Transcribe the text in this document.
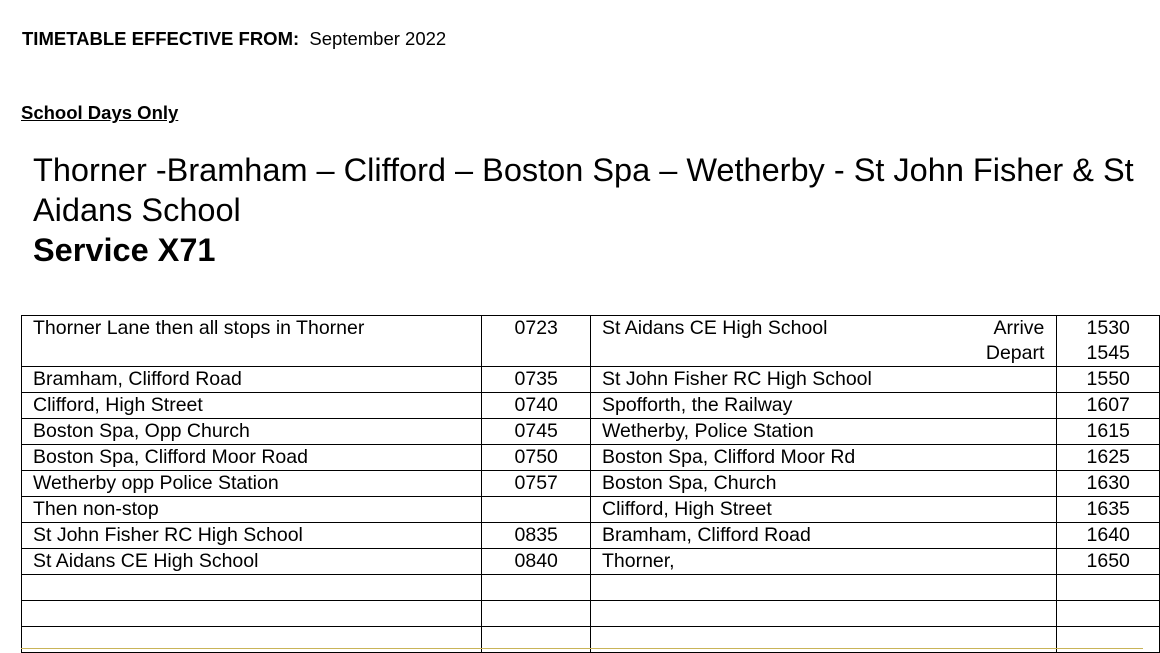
TIMETABLE EFFECTIVE FROM: September 2022
School Days Only
Thorner -Bramham – Clifford – Boston Spa – Wetherby - St John Fisher & St Aidans School
Service X71
Thorner Lane then all stops in Thorner	0723	St Aidans CE High School Arrive	1530

		Depart	1545
Bramham, Clifford Road	0735	St John Fisher RC High School	1550
Clifford, High Street	0740	Spofforth, the Railway	1607
Boston Spa, Opp Church	0745	Wetherby, Police Station	1615
Boston Spa, Clifford Moor Road	0750	Boston Spa, Clifford Moor Rd	1625
Wetherby opp Police Station	0757	Boston Spa, Church	1630
Then non-stop		Clifford, High Street	1635
St John Fisher RC High School	0835	Bramham, Clifford Road	1640
St Aidans CE High School	0840	Thorner,	1650
